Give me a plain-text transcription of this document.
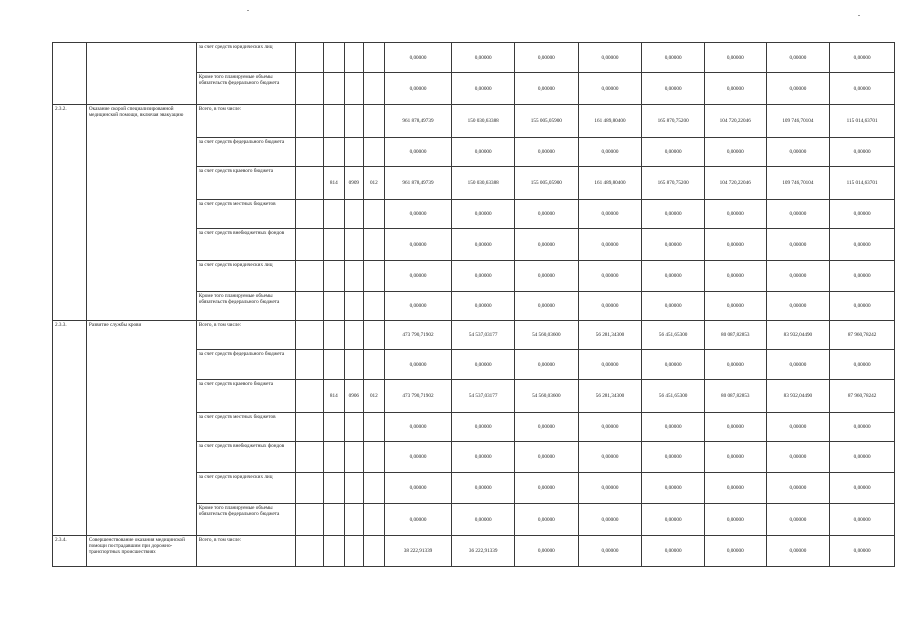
		за счет средств юридических лиц					0,00000	0,00000	0,00000	0,00000	0,00000	0,00000	0,00000	0,00000
		Кроме того планируемые объемы обязательств федерального бюджета					0,00000	0,00000	0,00000	0,00000	0,00000	0,00000	0,00000	0,00000
2.3.2.	Оказание скорой специализированной медицинской помощи, включая эвакуацию	Всего, в том числе:					961 878,49739	150 030,63388	155 005,05900	161 489,80400	165 870,75200	104 720,22046	109 746,70104	115 014,63701
		за счет средств федерального бюджета					0,00000	0,00000	0,00000	0,00000	0,00000	0,00000	0,00000	0,00000
		за счет средств краевого бюджета		814	0909	012	961 878,49739	150 030,63388	155 005,05900	161 489,80400	165 870,75200	104 720,22046	109 746,70104	115 014,63701
		за счет средств местных бюджетов					0,00000	0,00000	0,00000	0,00000	0,00000	0,00000	0,00000	0,00000
		за счет средств внебюджетных фондов					0,00000	0,00000	0,00000	0,00000	0,00000	0,00000	0,00000	0,00000
		за счет средств юридических лиц					0,00000	0,00000	0,00000	0,00000	0,00000	0,00000	0,00000	0,00000
		Кроме того планируемые объемы обязательств федерального бюджета					0,00000	0,00000	0,00000	0,00000	0,00000	0,00000	0,00000	0,00000
2.3.3.	Развитие службы крови	Всего, в том числе:					473 790,71902	54 537,03177	54 560,03600	56 281,34300	56 451,65300	80 087,82853	83 932,04490	87 960,78242
		за счет средств федерального бюджета					0,00000	0,00000	0,00000	0,00000	0,00000	0,00000	0,00000	0,00000
		за счет средств краевого бюджета		814	0906	012	473 790,71902	54 537,03177	54 560,03600	56 281,34300	56 451,65300	80 087,82853	83 932,04490	87 960,78242
		за счет средств местных бюджетов					0,00000	0,00000	0,00000	0,00000	0,00000	0,00000	0,00000	0,00000
		за счет средств внебюджетных фондов					0,00000	0,00000	0,00000	0,00000	0,00000	0,00000	0,00000	0,00000
		за счет средств юридических лиц					0,00000	0,00000	0,00000	0,00000	0,00000	0,00000	0,00000	0,00000
		Кроме того планируемые объемы обязательств федерального бюджета					0,00000	0,00000	0,00000	0,00000	0,00000	0,00000	0,00000	0,00000
2.3.4.	Совершенствование оказания медицинской помощи пострадавшим при дорожно-транспортных происшествиях	Всего, в том числе:					38 222,91339	36 222,91339	0,00000	0,00000	0,00000	0,00000	0,00000	0,00000
